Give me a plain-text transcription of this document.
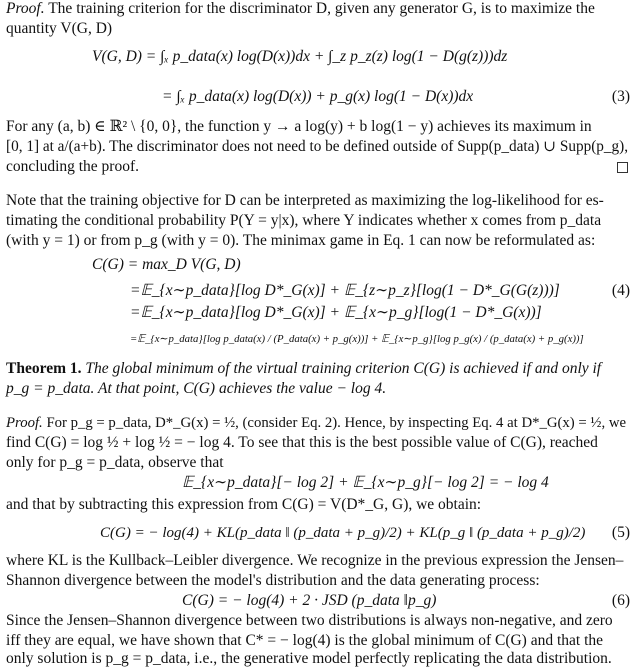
Proof. The training criterion for the discriminator D, given any generator G, is to maximize the
quantity V(G, D)
V(G, D) = ∫ₓ p_data(x) log(D(x))dx + ∫_z p_z(z) log(1 − D(g(z)))dz
= ∫ₓ p_data(x) log(D(x)) + p_g(x) log(1 − D(x))dx	(3)
For any (a, b) ∈ ℝ² \ {0, 0}, the function y → a log(y) + b log(1 − y) achieves its maximum in
[0, 1] at a/(a+b). The discriminator does not need to be defined outside of Supp(p_data) ∪ Supp(p_g),
concluding the proof.
Note that the training objective for D can be interpreted as maximizing the log-likelihood for es-
timating the conditional probability P(Y = y|x), where Y indicates whether x comes from p_data
(with y = 1) or from p_g (with y = 0). The minimax game in Eq. 1 can now be reformulated as:
C(G) = max_D V(G, D)
=𝔼_{x∼p_data}[log D*_G(x)] + 𝔼_{z∼p_z}[log(1 − D*_G(G(z)))]	(4)
=𝔼_{x∼p_data}[log D*_G(x)] + 𝔼_{x∼p_g}[log(1 − D*_G(x))]
=𝔼_{x∼p_data}[log p_data(x) / (P_data(x) + p_g(x))] + 𝔼_{x∼p_g}[log p_g(x) / (p_data(x) + p_g(x))]
Theorem 1. The global minimum of the virtual training criterion C(G) is achieved if and only if
p_g = p_data. At that point, C(G) achieves the value − log 4.
Proof. For p_g = p_data, D*_G(x) = ½, (consider Eq. 2). Hence, by inspecting Eq. 4 at D*_G(x) = ½, we
find C(G) = log ½ + log ½ = − log 4. To see that this is the best possible value of C(G), reached
only for p_g = p_data, observe that
𝔼_{x∼p_data}[− log 2] + 𝔼_{x∼p_g}[− log 2] = − log 4
and that by subtracting this expression from C(G) = V(D*_G, G), we obtain:
C(G) = − log(4) + KL(p_data ‖ (p_data + p_g)/2) + KL(p_g ‖ (p_data + p_g)/2) (5)
where KL is the Kullback–Leibler divergence. We recognize in the previous expression the Jensen–
Shannon divergence between the model's distribution and the data generating process:
C(G) = − log(4) + 2 · JSD (p_data ‖p_g)	(6)
Since the Jensen–Shannon divergence between two distributions is always non-negative, and zero
iff they are equal, we have shown that C* = − log(4) is the global minimum of C(G) and that the
only solution is p_g = p_data, i.e., the generative model perfectly replicating the data distribution.
